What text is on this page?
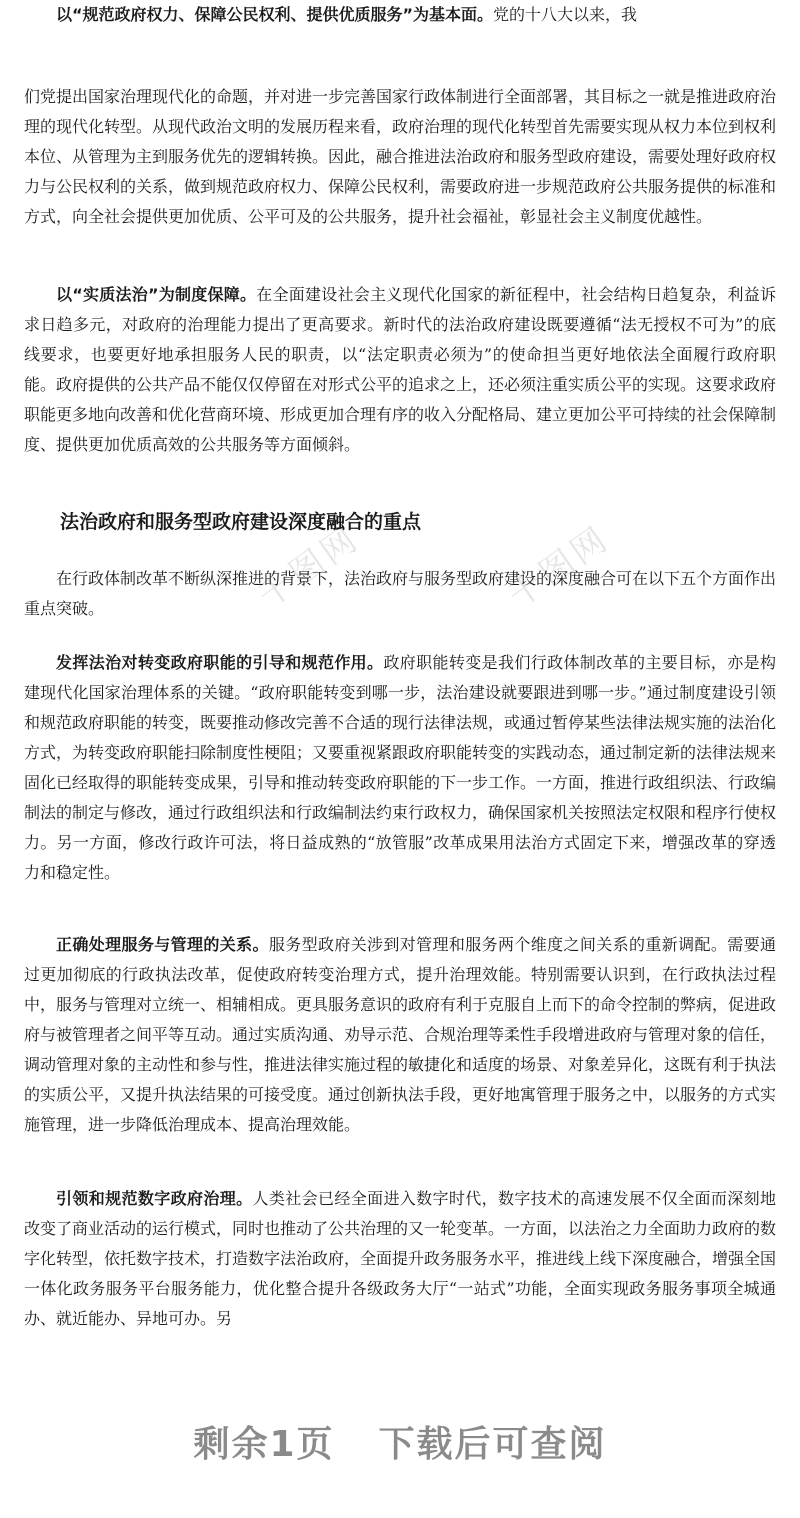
千图网	千图网

以“规范政府权力、保障公民权利、提供优质服务”为基本面。党的十八大以来，我

们党提出国家治理现代化的命题，并对进一步完善国家行政体制进行全面部署，其目标之一就是推进政府治理的现代化转型。从现代政治文明的发展历程来看，政府治理的现代化转型首先需要实现从权力本位到权利本位、从管理为主到服务优先的逻辑转换。因此，融合推进法治政府和服务型政府建设，需要处理好政府权力与公民权利的关系，做到规范政府权力、保障公民权利，需要政府进一步规范政府公共服务提供的标准和方式，向全社会提供更加优质、公平可及的公共服务，提升社会福祉，彰显社会主义制度优越性。

以“实质法治”为制度保障。在全面建设社会主义现代化国家的新征程中，社会结构日趋复杂，利益诉求日趋多元，对政府的治理能力提出了更高要求。新时代的法治政府建设既要遵循“法无授权不可为”的底线要求，也要更好地承担服务人民的职责，以“法定职责必须为”的使命担当更好地依法全面履行政府职能。政府提供的公共产品不能仅仅停留在对形式公平的追求之上，还必须注重实质公平的实现。这要求政府职能更多地向改善和优化营商环境、形成更加合理有序的收入分配格局、建立更加公平可持续的社会保障制度、提供更加优质高效的公共服务等方面倾斜。

法治政府和服务型政府建设深度融合的重点

在行政体制改革不断纵深推进的背景下，法治政府与服务型政府建设的深度融合可在以下五个方面作出重点突破。

发挥法治对转变政府职能的引导和规范作用。政府职能转变是我们行政体制改革的主要目标，亦是构建现代化国家治理体系的关键。“政府职能转变到哪一步，法治建设就要跟进到哪一步。”通过制度建设引领和规范政府职能的转变，既要推动修改完善不合适的现行法律法规，或通过暂停某些法律法规实施的法治化方式，为转变政府职能扫除制度性梗阻；又要重视紧跟政府职能转变的实践动态，通过制定新的法律法规来固化已经取得的职能转变成果，引导和推动转变政府职能的下一步工作。一方面，推进行政组织法、行政编制法的制定与修改，通过行政组织法和行政编制法约束行政权力，确保国家机关按照法定权限和程序行使权力。另一方面，修改行政许可法，将日益成熟的“放管服”改革成果用法治方式固定下来，增强改革的穿透力和稳定性。

正确处理服务与管理的关系。服务型政府关涉到对管理和服务两个维度之间关系的重新调配。需要通过更加彻底的行政执法改革，促使政府转变治理方式，提升治理效能。特别需要认识到，在行政执法过程中，服务与管理对立统一、相辅相成。更具服务意识的政府有利于克服自上而下的命令控制的弊病，促进政府与被管理者之间平等互动。通过实质沟通、劝导示范、合规治理等柔性手段增进政府与管理对象的信任，调动管理对象的主动性和参与性，推进法律实施过程的敏捷化和适度的场景、对象差异化，这既有利于执法的实质公平，又提升执法结果的可接受度。通过创新执法手段，更好地寓管理于服务之中，以服务的方式实施管理，进一步降低治理成本、提高治理效能。

引领和规范数字政府治理。人类社会已经全面进入数字时代，数字技术的高速发展不仅全面而深刻地改变了商业活动的运行模式，同时也推动了公共治理的又一轮变革。一方面，以法治之力全面助力政府的数字化转型，依托数字技术，打造数字法治政府，全面提升政务服务水平，推进线上线下深度融合，增强全国一体化政务服务平台服务能力，优化整合提升各级政务大厅“一站式”功能，全面实现政务服务事项全城通办、就近能办、异地可办。另

剩余1页 下载后可查阅
